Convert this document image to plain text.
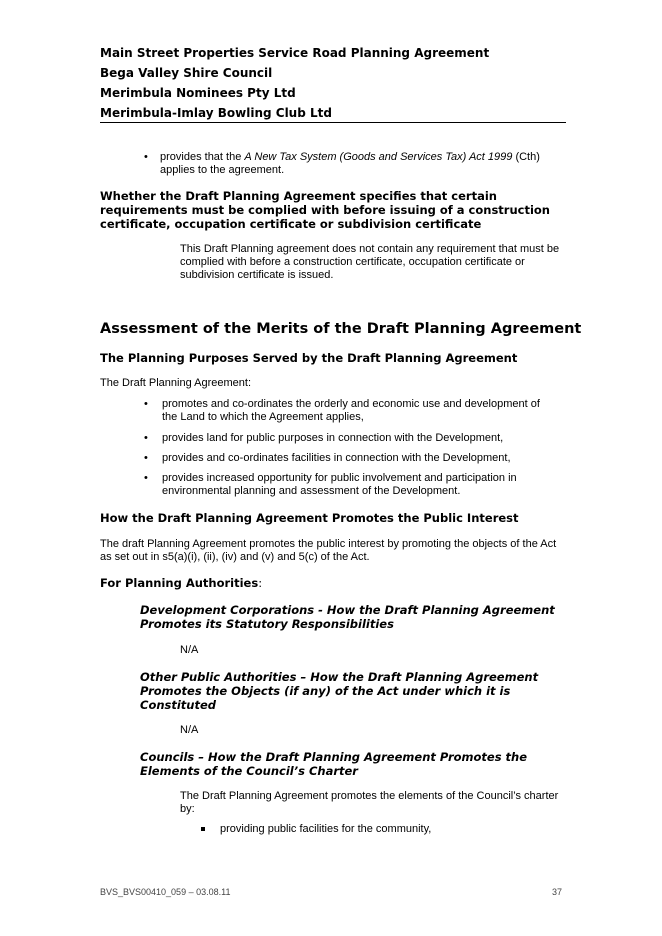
Main Street Properties Service Road Planning Agreement
Bega Valley Shire Council
Merimbula Nominees Pty Ltd
Merimbula-Imlay Bowling Club Ltd
• provides that the A New Tax System (Goods and Services Tax) Act 1999 (Cth) applies to the agreement.
Whether the Draft Planning Agreement specifies that certain requirements must be complied with before issuing of a construction certificate, occupation certificate or subdivision certificate
This Draft Planning agreement does not contain any requirement that must be complied with before a construction certificate, occupation certificate or subdivision certificate is issued.
Assessment of the Merits of the Draft Planning Agreement
The Planning Purposes Served by the Draft Planning Agreement
The Draft Planning Agreement:
• promotes and co-ordinates the orderly and economic use and development of the Land to which the Agreement applies,
• provides land for public purposes in connection with the Development,
• provides and co-ordinates facilities in connection with the Development,
• provides increased opportunity for public involvement and participation in environmental planning and assessment of the Development.
How the Draft Planning Agreement Promotes the Public Interest
The draft Planning Agreement promotes the public interest by promoting the objects of the Act as set out in s5(a)(i), (ii), (iv) and (v) and 5(c) of the Act.
For Planning Authorities:
Development Corporations - How the Draft Planning Agreement Promotes its Statutory Responsibilities
N/A
Other Public Authorities – How the Draft Planning Agreement Promotes the Objects (if any) of the Act under which it is Constituted
N/A
Councils – How the Draft Planning Agreement Promotes the Elements of the Council’s Charter
The Draft Planning Agreement promotes the elements of the Council’s charter by:
providing public facilities for the community,
BVS_BVS00410_059 – 03.08.11	37
